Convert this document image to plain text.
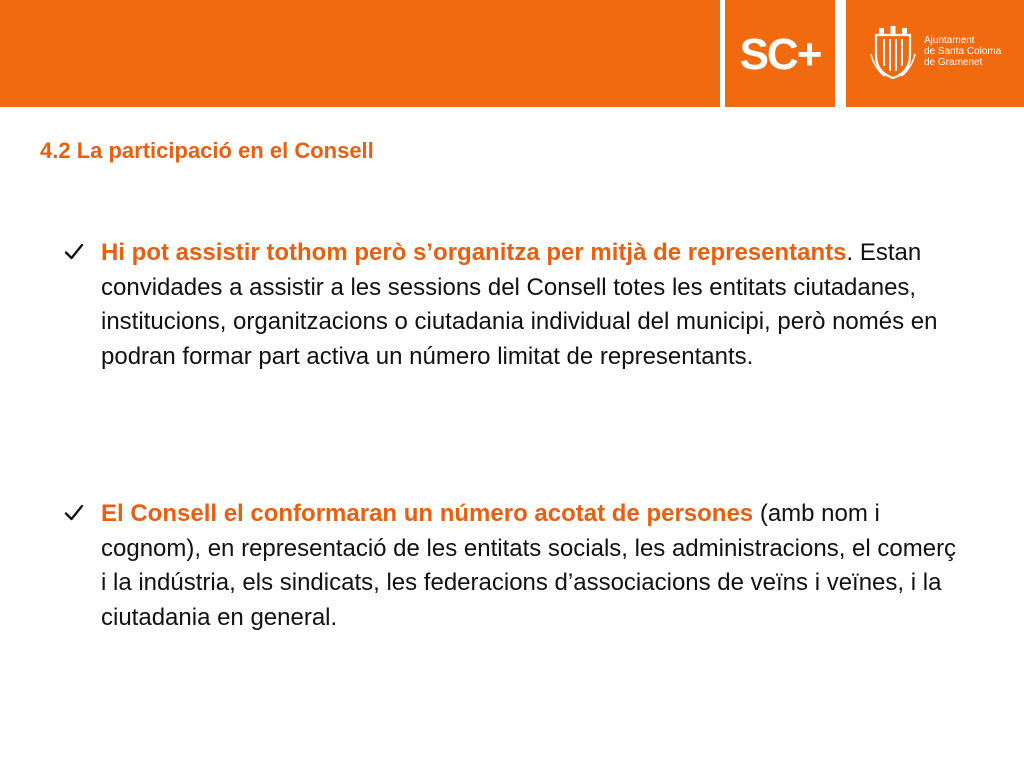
SC+	Ajuntament
de Santa Coloma
de Gramenet
4.2 La participació en el Consell

Hi pot assistir tothom però s’organitza per mitjà de representants. Estan convidades a assistir a les sessions del Consell totes les entitats ciutadanes, institucions, organitzacions o ciutadania individual del municipi, però només en podran formar part activa un número limitat de representants.

El Consell el conformaran un número acotat de persones (amb nom i cognom), en representació de les entitats socials, les administracions, el comerç i la indústria, els sindicats, les federacions d’associacions de veïns i veïnes, i la ciutadania en general.
